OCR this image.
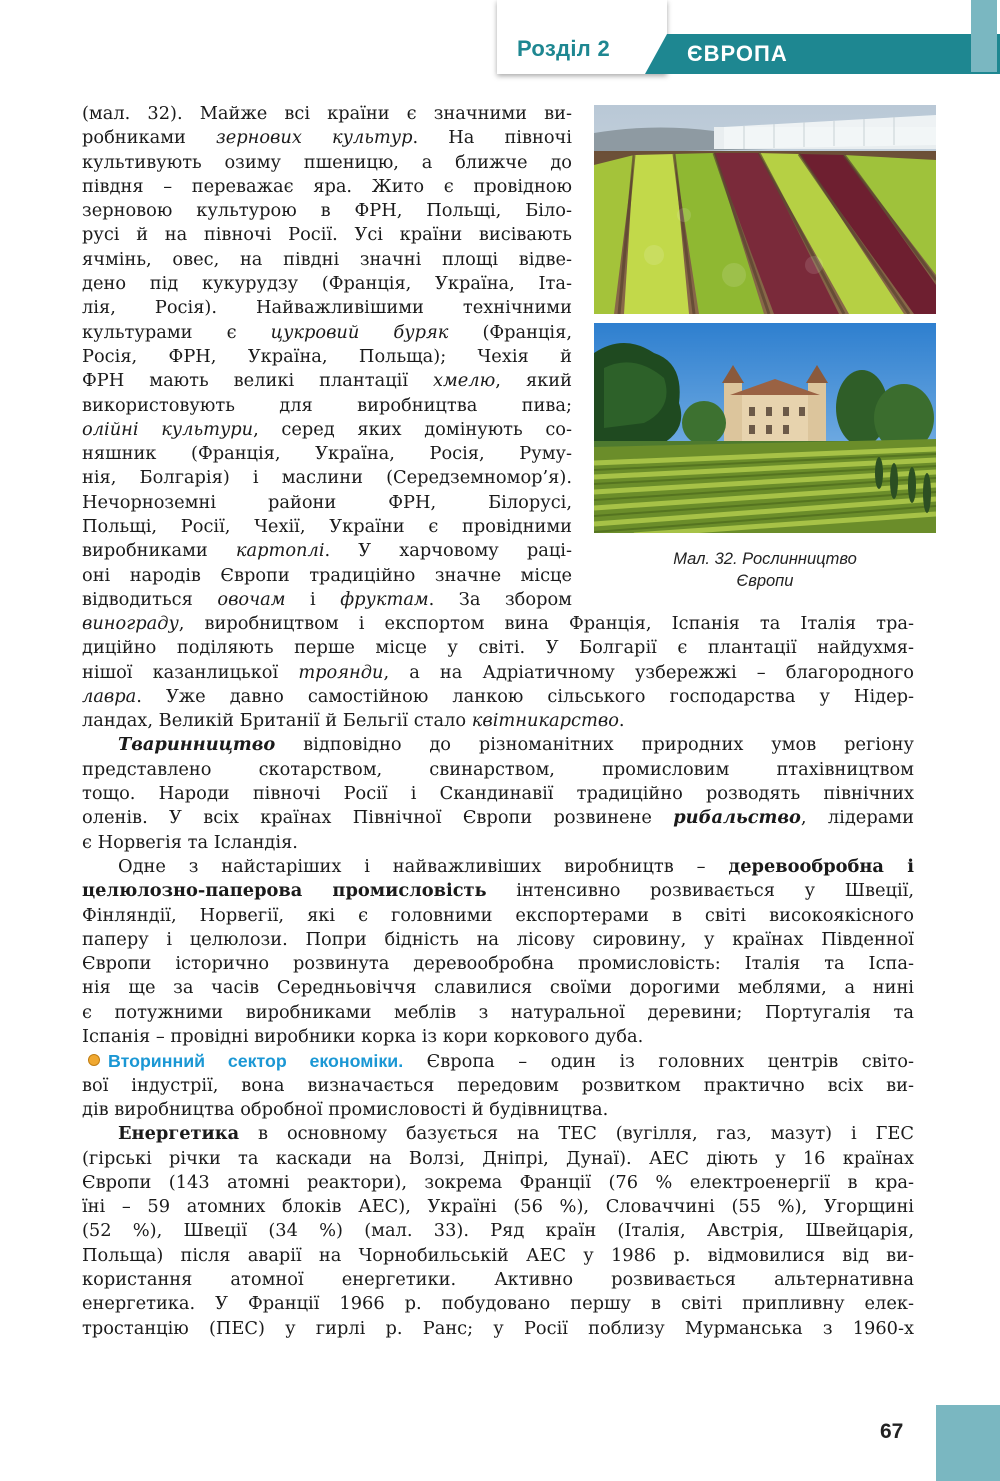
Розділ 2	ЄВРОПА
Мал. 32. Рослинництво
Європи
(мал. 32). Майже всі країни є значними ви-
робниками зернових культур. На півночі
культивують озиму пшеницю, а ближче до
півдня – переважає яра. Жито є провідною
зерновою культурою в ФРН, Польщі, Біло-
русі й на півночі Росії. Усі країни висівають
ячмінь, овес, на півдні значні площі відве-
дено під кукурудзу (Франція, Україна, Іта-
лія, Росія). Найважливішими технічними
культурами є цукровий буряк (Франція,
Росія, ФРН, Україна, Польща); Чехія й
ФРН мають великі плантації хмелю, який
використовують для виробництва пива;
олійні культури, серед яких домінують со-
няшник (Франція, Україна, Росія, Руму-
нія, Болгарія) і маслини (Середземномор’я).
Нечорноземні райони ФРН, Білорусі,
Польщі, Росії, Чехії, України є провідними
виробниками картоплі. У харчовому раці-
оні народів Європи традиційно значне місце
відводиться овочам і фруктам. За збором
винограду, виробництвом і експортом вина Франція, Іспанія та Італія тра-
диційно поділяють перше місце у світі. У Болгарії є плантації найдухмя-
нішої казанлицької троянди, а на Адріатичному узбережжі – благородного
лавра. Уже давно самостійною ланкою сільського господарства у Нідер-
ландах, Великій Британії й Бельгії стало квітникарство.
Тваринництво відповідно до різноманітних природних умов регіону
представлено скотарством, свинарством, промисловим птахівництвом
тощо. Народи півночі Росії і Скандинавії традиційно розводять північних
оленів. У всіх країнах Північної Європи розвинене рибальство, лідерами
є Норвегія та Ісландія.
Одне з найстаріших і найважливіших виробництв – деревообробна і
целюлозно-паперова промисловість інтенсивно розвивається у Швеції,
Фінляндії, Норвегії, які є головними експортерами в світі високоякісного
паперу і целюлози. Попри бідність на лісову сировину, у країнах Південної
Європи історично розвинута деревообробна промисловість: Італія та Іспа-
нія ще за часів Середньовіччя славилися своїми дорогими меблями, а нині
є потужними виробниками меблів з натуральної деревини; Португалія та
Іспанія – провідні виробники корка із кори коркового дуба.
Вторинний сектор економіки. Європа – один із головних центрів світо-
вої індустрії, вона визначається передовим розвитком практично всіх ви-
дів виробництва обробної промисловості й будівництва.
Енергетика в основному базується на ТЕС (вугілля, газ, мазут) і ГЕС
(гірські річки та каскади на Волзі, Дніпрі, Дунаї). АЕС діють у 16 країнах
Європи (143 атомні реактори), зокрема Франції (76 % електроенергії в кра-
їні – 59 атомних блоків АЕС), Україні (56 %), Словаччині (55 %), Угорщині
(52 %), Швеції (34 %) (мал. 33). Ряд країн (Італія, Австрія, Швейцарія,
Польща) після аварії на Чорнобильській АЕС у 1986 р. відмовилися від ви-
користання атомної енергетики. Активно розвивається альтернативна
енергетика. У Франції 1966 р. побудовано першу в світі припливну елек-
тростанцію (ПЕС) у гирлі р. Ранс; у Росії поблизу Мурманська з 1960-х
67
